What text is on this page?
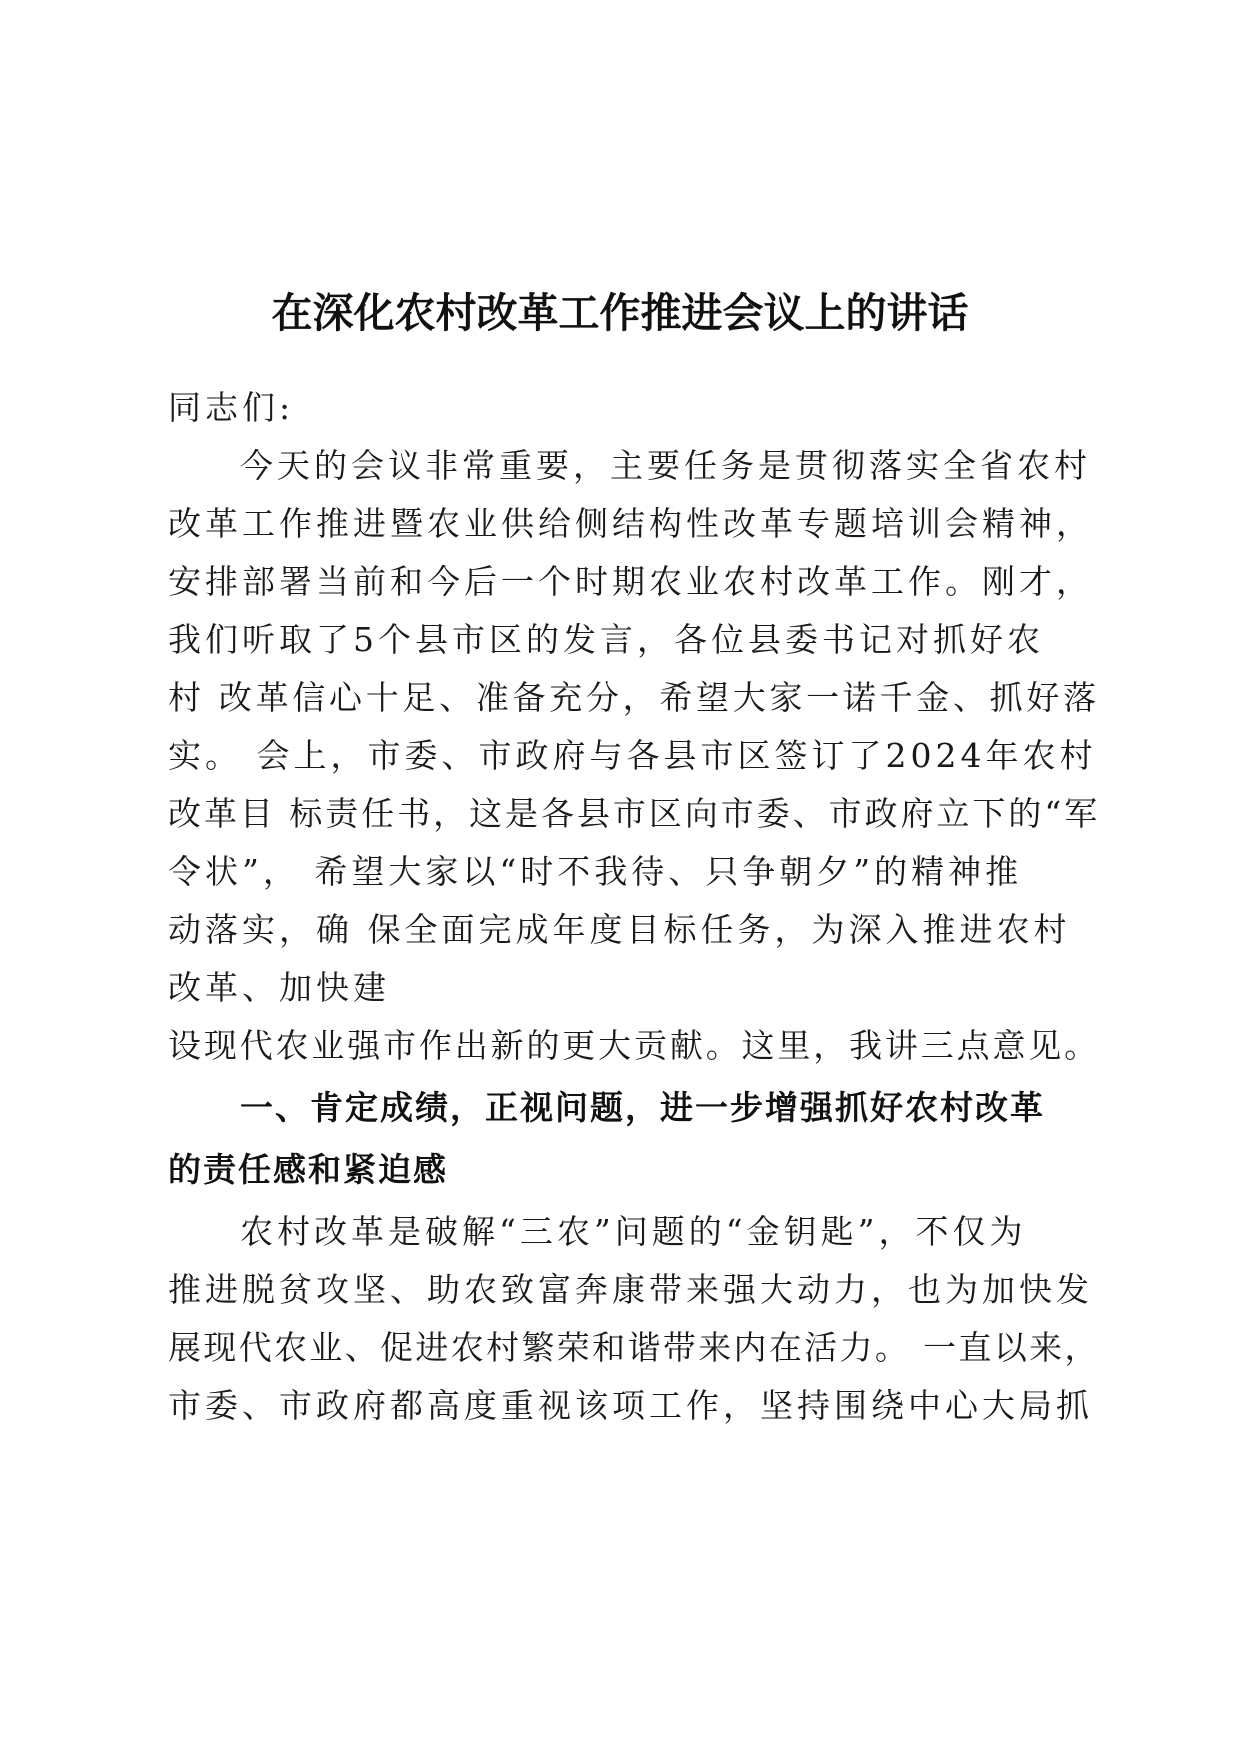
在深化农村改革工作推进会议上的讲话
同志们:
今天的会议非常重要，主要任务是贯彻落实全省农村
改革工作推进暨农业供给侧结构性改革专题培训会精神，
安排部署当前和今后一个时期农业农村改革工作。刚才，
我们听取了5个县市区的发言，各位县委书记对抓好农
村 改革信心十足、准备充分，希望大家一诺千金、抓好落
实。 会上，市委、市政府与各县市区签订了2024年农村
改革目 标责任书，这是各县市区向市委、市政府立下的“军
令状”， 希望大家以“时不我待、只争朝夕”的精神推
动落实，确 保全面完成年度目标任务，为深入推进农村
改革、加快建
设现代农业强市作出新的更大贡献。这里，我讲三点意见。
一、肯定成绩，正视问题，进一步增强抓好农村改革
的责任感和紧迫感
农村改革是破解“三农”问题的“金钥匙”，不仅为
推进脱贫攻坚、助农致富奔康带来强大动力，也为加快发
展现代农业、促进农村繁荣和谐带来内在活力。 一直以来，
市委、市政府都高度重视该项工作，坚持围绕中心大局抓
